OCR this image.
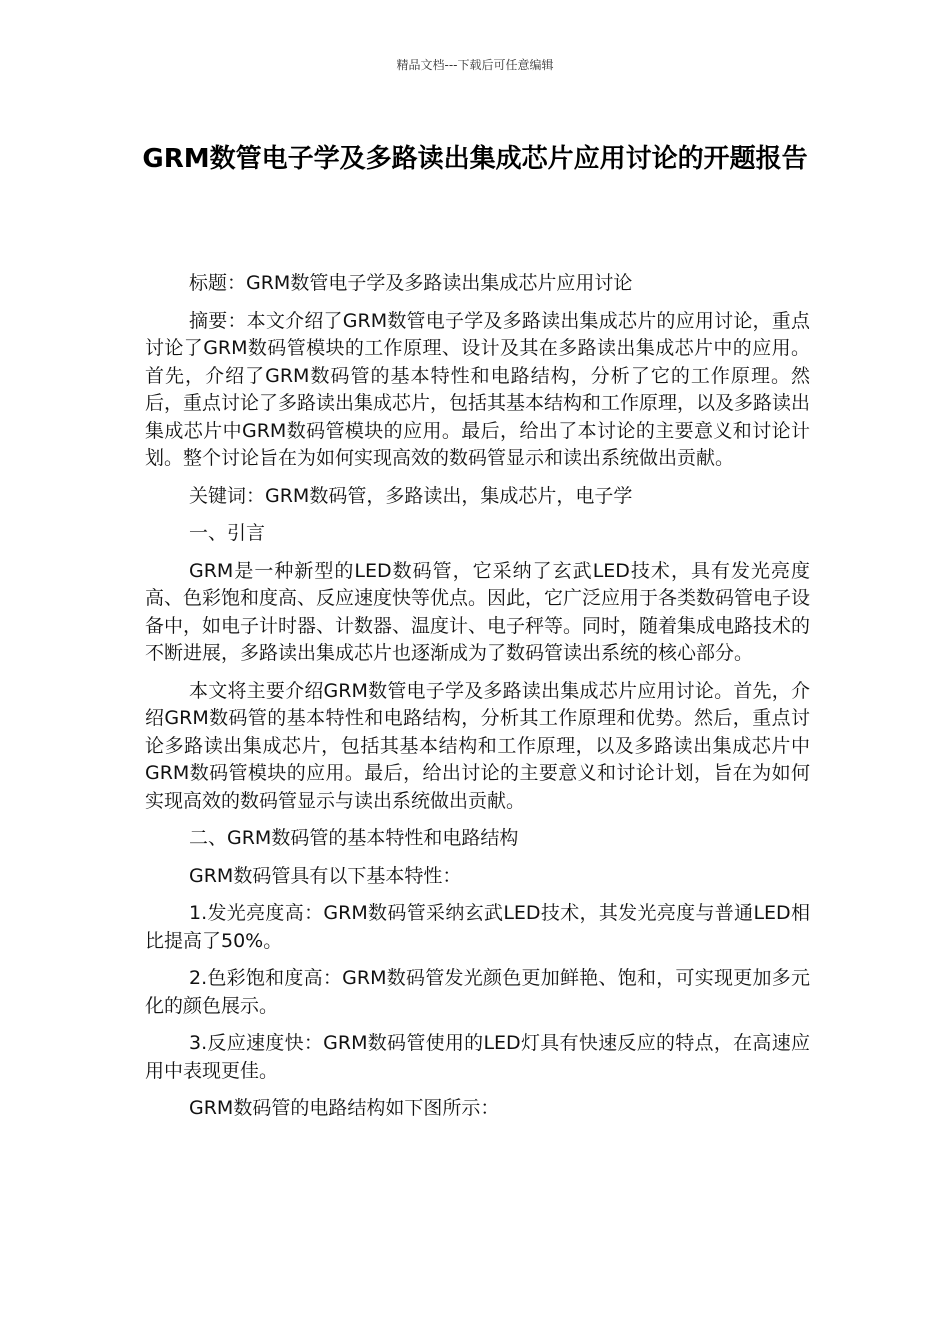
精品文档---下载后可任意编辑
GRM数管电子学及多路读出集成芯片应用讨论的开题报告

标题：GRM数管电子学及多路读出集成芯片应用讨论

摘要：本文介绍了GRM数管电子学及多路读出集成芯片的应用讨论，重点讨论了GRM数码管模块的工作原理、设计及其在多路读出集成芯片中的应用。首先，介绍了GRM数码管的基本特性和电路结构，分析了它的工作原理。然后，重点讨论了多路读出集成芯片，包括其基本结构和工作原理，以及多路读出集成芯片中GRM数码管模块的应用。最后，给出了本讨论的主要意义和讨论计划。整个讨论旨在为如何实现高效的数码管显示和读出系统做出贡献。

关键词：GRM数码管，多路读出，集成芯片，电子学

一、引言

GRM是一种新型的LED数码管，它采纳了玄武LED技术，具有发光亮度高、色彩饱和度高、反应速度快等优点。因此，它广泛应用于各类数码管电子设备中，如电子计时器、计数器、温度计、电子秤等。同时，随着集成电路技术的不断进展，多路读出集成芯片也逐渐成为了数码管读出系统的核心部分。

本文将主要介绍GRM数管电子学及多路读出集成芯片应用讨论。首先，介绍GRM数码管的基本特性和电路结构，分析其工作原理和优势。然后，重点讨论多路读出集成芯片，包括其基本结构和工作原理，以及多路读出集成芯片中GRM数码管模块的应用。最后，给出讨论的主要意义和讨论计划，旨在为如何实现高效的数码管显示与读出系统做出贡献。

二、GRM数码管的基本特性和电路结构

GRM数码管具有以下基本特性：

1.发光亮度高：GRM数码管采纳玄武LED技术，其发光亮度与普通LED相比提高了50%。

2.色彩饱和度高：GRM数码管发光颜色更加鲜艳、饱和，可实现更加多元化的颜色展示。

3.反应速度快：GRM数码管使用的LED灯具有快速反应的特点，在高速应用中表现更佳。

GRM数码管的电路结构如下图所示：
